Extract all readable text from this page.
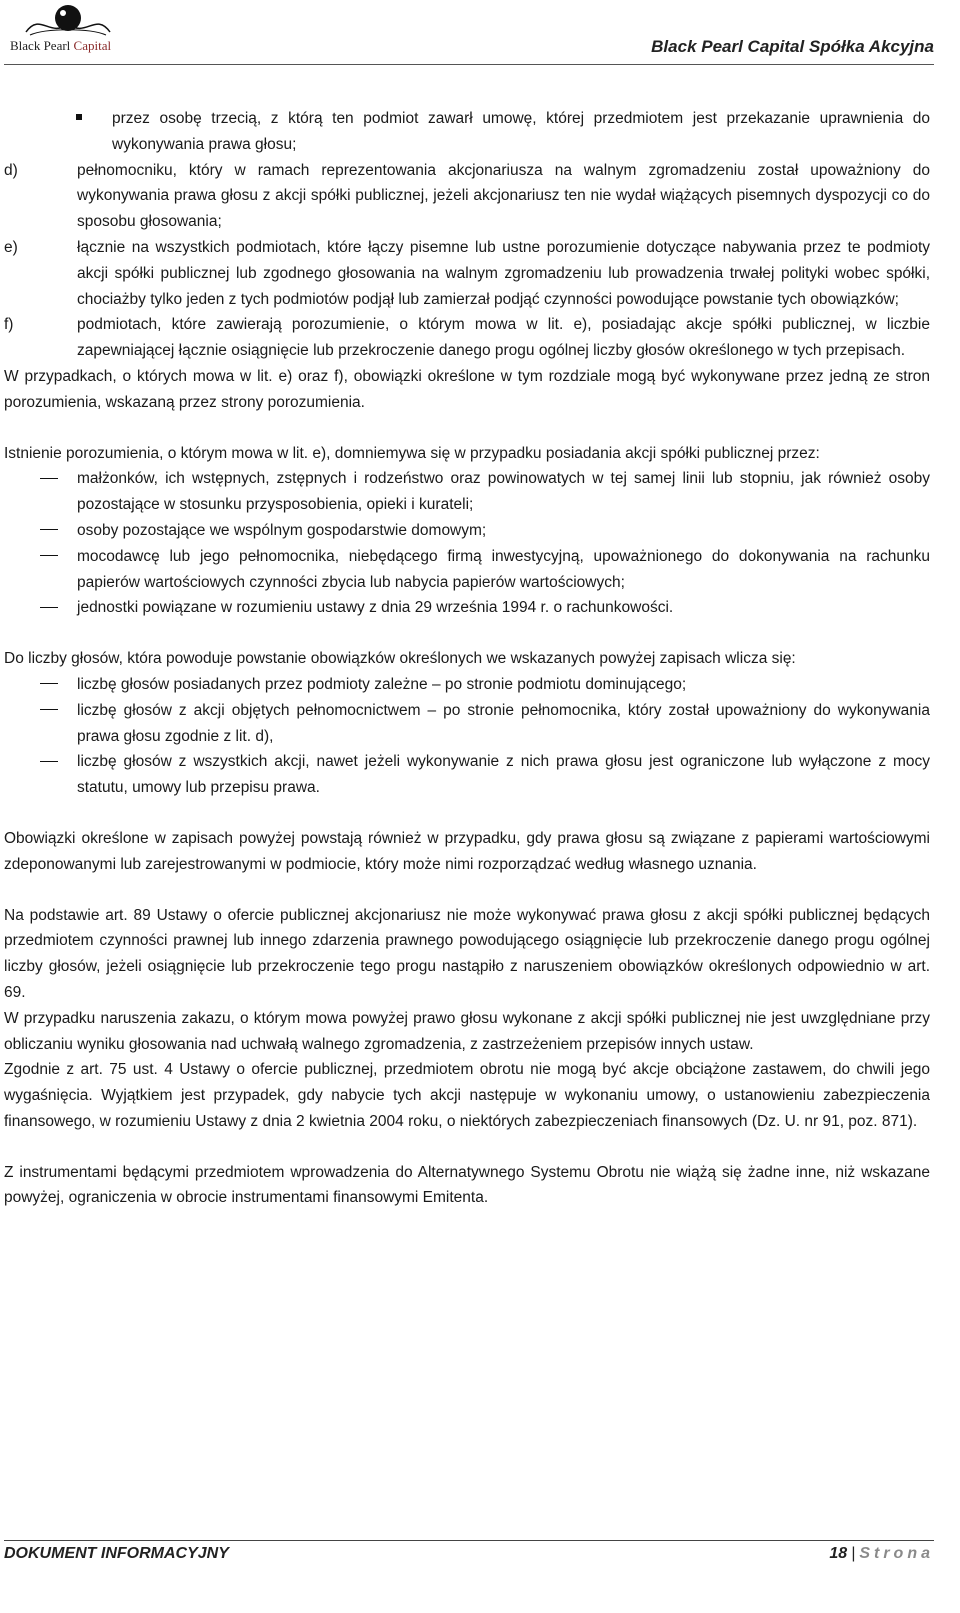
Black Pearl Capital	Black Pearl Capital Spółka Akcyjna
przez osobę trzecią, z którą ten podmiot zawarł umowę, której przedmiotem jest przekazanie uprawnienia do wykonywania prawa głosu;
d)	pełnomocniku, który w ramach reprezentowania akcjonariusza na walnym zgromadzeniu został upoważniony do wykonywania prawa głosu z akcji spółki publicznej, jeżeli akcjonariusz ten nie wydał wiążących pisemnych dyspozycji co do sposobu głosowania;
e)	łącznie na wszystkich podmiotach, które łączy pisemne lub ustne porozumienie dotyczące nabywania przez te podmioty akcji spółki publicznej lub zgodnego głosowania na walnym zgromadzeniu lub prowadzenia trwałej polityki wobec spółki, chociażby tylko jeden z tych podmiotów podjął lub zamierzał podjąć czynności powodujące powstanie tych obowiązków;
f)	podmiotach, które zawierają porozumienie, o którym mowa w lit. e), posiadając akcje spółki publicznej, w liczbie zapewniającej łącznie osiągnięcie lub przekroczenie danego progu ogólnej liczby głosów określonego w tych przepisach.

W przypadkach, o których mowa w lit. e) oraz f), obowiązki określone w tym rozdziale mogą być wykonywane przez jedną ze stron porozumienia, wskazaną przez strony porozumienia.

Istnienie porozumienia, o którym mowa w lit. e), domniemywa się w przypadku posiadania akcji spółki publicznej przez:

małżonków, ich wstępnych, zstępnych i rodzeństwo oraz powinowatych w tej samej linii lub stopniu, jak również osoby pozostające w stosunku przysposobienia, opieki i kurateli;
osoby pozostające we wspólnym gospodarstwie domowym;
mocodawcę lub jego pełnomocnika, niebędącego firmą inwestycyjną, upoważnionego do dokonywania na rachunku papierów wartościowych czynności zbycia lub nabycia papierów wartościowych;
jednostki powiązane w rozumieniu ustawy z dnia 29 września 1994 r. o rachunkowości.

Do liczby głosów, która powoduje powstanie obowiązków określonych we wskazanych powyżej zapisach wlicza się:

liczbę głosów posiadanych przez podmioty zależne – po stronie podmiotu dominującego;
liczbę głosów z akcji objętych pełnomocnictwem – po stronie pełnomocnika, który został upoważniony do wykonywania prawa głosu zgodnie z lit. d),
liczbę głosów z wszystkich akcji, nawet jeżeli wykonywanie z nich prawa głosu jest ograniczone lub wyłączone z mocy statutu, umowy lub przepisu prawa.

Obowiązki określone w zapisach powyżej powstają również w przypadku, gdy prawa głosu są związane z papierami wartościowymi zdeponowanymi lub zarejestrowanymi w podmiocie, który może nimi rozporządzać według własnego uznania.

Na podstawie art. 89 Ustawy o ofercie publicznej akcjonariusz nie może wykonywać prawa głosu z akcji spółki publicznej będących przedmiotem czynności prawnej lub innego zdarzenia prawnego powodującego osiągnięcie lub przekroczenie danego progu ogólnej liczby głosów, jeżeli osiągnięcie lub przekroczenie tego progu nastąpiło z naruszeniem obowiązków określonych odpowiednio w art. 69.

W przypadku naruszenia zakazu, o którym mowa powyżej prawo głosu wykonane z akcji spółki publicznej nie jest uwzględniane przy obliczaniu wyniku głosowania nad uchwałą walnego zgromadzenia, z zastrzeżeniem przepisów innych ustaw.

Zgodnie z art. 75 ust. 4 Ustawy o ofercie publicznej, przedmiotem obrotu nie mogą być akcje obciążone zastawem, do chwili jego wygaśnięcia. Wyjątkiem jest przypadek, gdy nabycie tych akcji następuje w wykonaniu umowy, o ustanowieniu zabezpieczenia finansowego, w rozumieniu Ustawy z dnia 2 kwietnia 2004 roku, o niektórych zabezpieczeniach finansowych (Dz. U. nr 91, poz. 871).

Z instrumentami będącymi przedmiotem wprowadzenia do Alternatywnego Systemu Obrotu nie wiążą się żadne inne, niż wskazane powyżej, ograniczenia w obrocie instrumentami finansowymi Emitenta.

DOKUMENT INFORMACYJNY	18 | Strona
